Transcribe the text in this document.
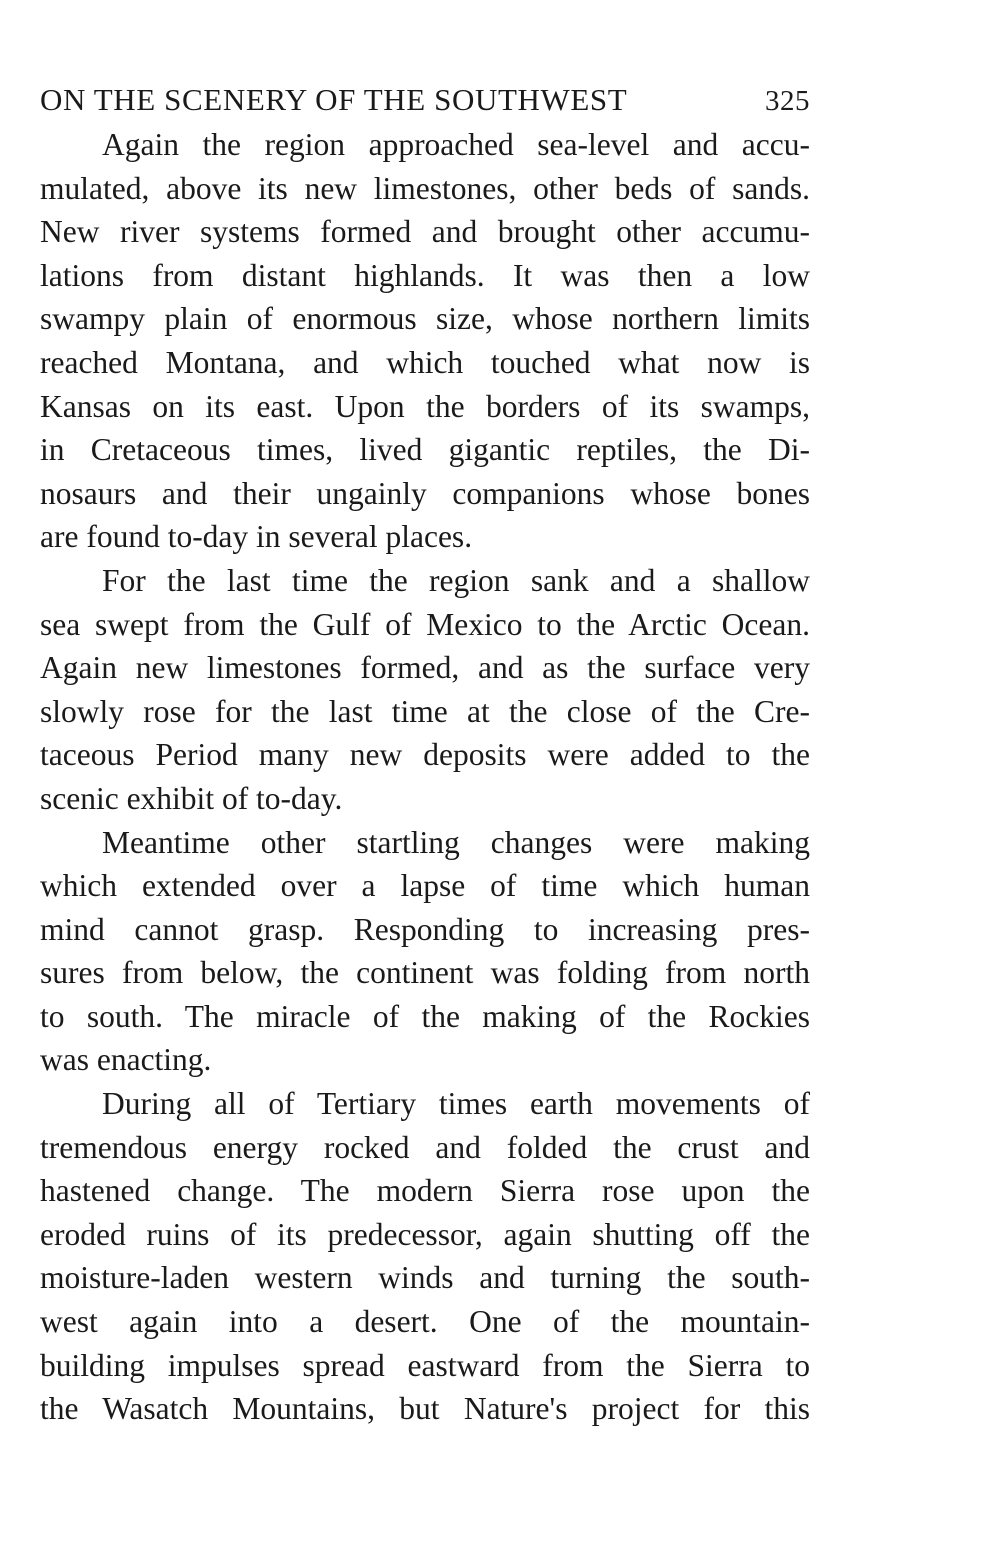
ON THE SCENERY OF THE SOUTHWEST	325
Again the region approached sea-level and accu-
mulated, above its new limestones, other beds of sands.
New river systems formed and brought other accumu-
lations from distant highlands. It was then a low
swampy plain of enormous size, whose northern limits
reached Montana, and which touched what now is
Kansas on its east. Upon the borders of its swamps,
in Cretaceous times, lived gigantic reptiles, the Di-
nosaurs and their ungainly companions whose bones
are found to-day in several places.
For the last time the region sank and a shallow
sea swept from the Gulf of Mexico to the Arctic Ocean.
Again new limestones formed, and as the surface very
slowly rose for the last time at the close of the Cre-
taceous Period many new deposits were added to the
scenic exhibit of to-day.
Meantime other startling changes were making
which extended over a lapse of time which human
mind cannot grasp. Responding to increasing pres-
sures from below, the continent was folding from north
to south. The miracle of the making of the Rockies
was enacting.
During all of Tertiary times earth movements of
tremendous energy rocked and folded the crust and
hastened change. The modern Sierra rose upon the
eroded ruins of its predecessor, again shutting off the
moisture-laden western winds and turning the south-
west again into a desert. One of the mountain-
building impulses spread eastward from the Sierra to
the Wasatch Mountains, but Nature's project for this
